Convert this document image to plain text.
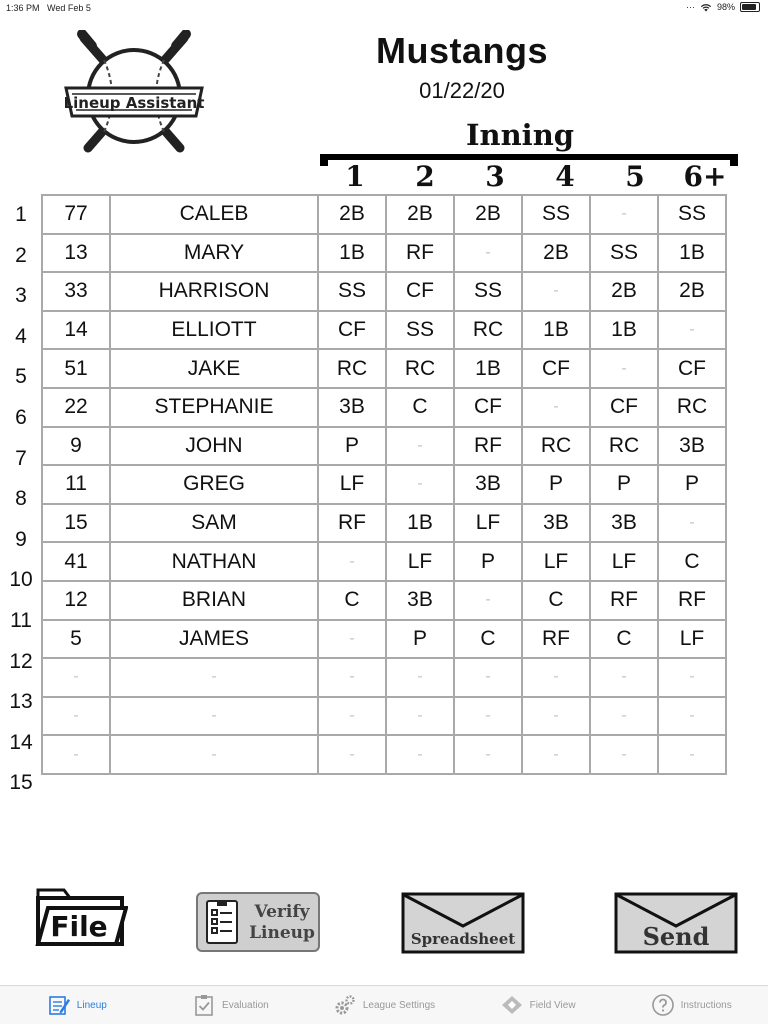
1:36 PM Wed Feb 5	··· 98%
Lineup Assistant
Mustangs
01/22/20
Inning
1	2	3	4	5	6+
1
2
3
4
5
6
7
8
9
10
11
12
13
14
15
77	CALEB	2B	2B	2B	SS	-	SS
13	MARY	1B	RF	-	2B	SS	1B
33	HARRISON	SS	CF	SS	-	2B	2B
14	ELLIOTT	CF	SS	RC	1B	1B	-
51	JAKE	RC	RC	1B	CF	-	CF
22	STEPHANIE	3B	C	CF	-	CF	RC
9	JOHN	P	-	RF	RC	RC	3B
11	GREG	LF	-	3B	P	P	P
15	SAM	RF	1B	LF	3B	3B	-
41	NATHAN	-	LF	P	LF	LF	C
12	BRIAN	C	3B	-	C	RF	RF
5	JAMES	-	P	C	RF	C	LF
-	-	-	-	-	-	-	-
-	-	-	-	-	-	-	-
-	-	-	-	-	-	-	-
File	Verify
Lineup	Spreadsheet	Send
Lineup	Evaluation	League Settings	Field View	Instructions
